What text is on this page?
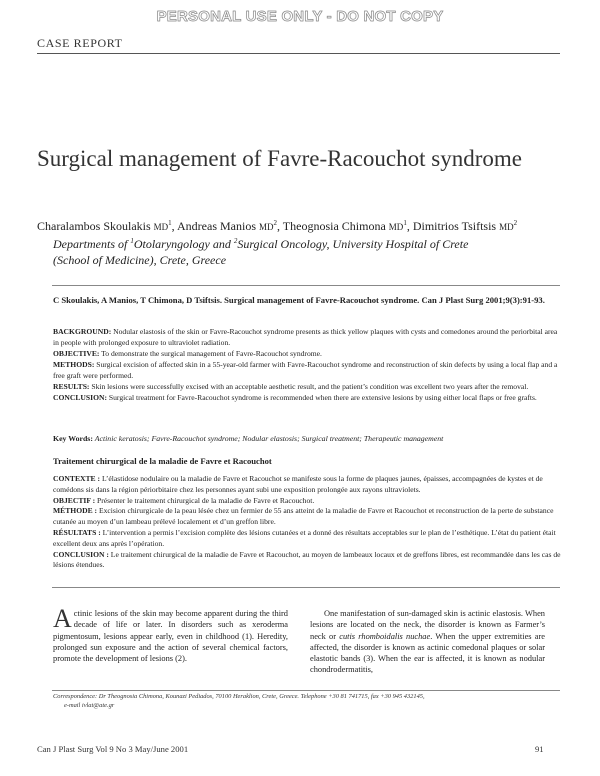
PERSONAL USE ONLY - DO NOT COPY
CASE REPORT
Surgical management of Favre-Racouchot syndrome
Charalambos Skoulakis $MD^1$, Andreas Manios $MD^2$, Theognosia Chimona $MD^1$, Dimitrios Tsiftsis $MD^2$
Departments of $^1$Otolaryngology and $^2$Surgical Oncology, University Hospital of Crete
(School of Medicine), Crete, Greece
C Skoulakis, A Manios, T Chimona, D Tsiftsis. Surgical management of Favre-Racouchot syndrome. Can J Plast Surg 2001;9(3):91-93.

BACKGROUND: Nodular elastosis of the skin or Favre-Racouchot syndrome presents as thick yellow plaques with cysts and comedones around the periorbital area in people with prolonged exposure to ultraviolet radiation.

OBJECTIVE: To demonstrate the surgical management of Favre-Racouchot syndrome.

METHODS: Surgical excision of affected skin in a 55-year-old farmer with Favre-Racouchot syndrome and reconstruction of skin defects by using a local flap and a free graft were performed.

RESULTS: Skin lesions were successfully excised with an acceptable aesthetic result, and the patient’s condition was excellent two years after the removal.

CONCLUSION: Surgical treatment for Favre-Racouchot syndrome is recommended when there are extensive lesions by using either local flaps or free grafts.

Key Words: Actinic keratosis; Favre-Racouchot syndrome; Nodular elastosis; Surgical treatment; Therapeutic management
Traitement chirurgical de la maladie de Favre et Racouchot

CONTEXTE : L’élastidose nodulaire ou la maladie de Favre et Racouchot se manifeste sous la forme de plaques jaunes, épaisses, accompagnées de kystes et de comédons sis dans la région périorbitaire chez les personnes ayant subi une exposition prolongée aux rayons ultraviolets.

OBJECTIF : Présenter le traitement chirurgical de la maladie de Favre et Racouchot.

MÉTHODE : Excision chirurgicale de la peau lésée chez un fermier de 55 ans atteint de la maladie de Favre et Racouchot et reconstruction de la perte de substance cutanée au moyen d’un lambeau prélevé localement et d’un greffon libre.

RÉSULTATS : L’intervention a permis l’excision complète des lésions cutanées et a donné des résultats acceptables sur le plan de l’esthétique. L’état du patient était excellent deux ans après l’opération.

CONCLUSION : Le traitement chirurgical de la maladie de Favre et Racouchot, au moyen de lambeaux locaux et de greffons libres, est recommandée dans les cas de lésions étendues.

Actinic lesions of the skin may become apparent during the third decade of life or later. In disorders such as xeroderma pigmentosum, lesions appear early, even in childhood (1). Heredity, prolonged sun exposure and the action of several chemical factors, promote the development of lesions (2).

One manifestation of sun-damaged skin is actinic elastosis. When lesions are located on the neck, the disorder is known as Farmer’s neck or cutis rhomboidalis nuchae. When the upper extremities are affected, the disorder is known as actinic comedonal plaques or solar elastotic bands (3). When the ear is affected, it is known as nodular chondrodermatitis,

Correspondence: Dr Theognosia Chimona, Kounazi Pediados, 70100 Heraklion, Crete, Greece. Telephone +30 81 741715, fax +30 945 432145,
e-mail ivlat@ate.gr
Can J Plast Surg Vol 9 No 3 May/June 2001	91
